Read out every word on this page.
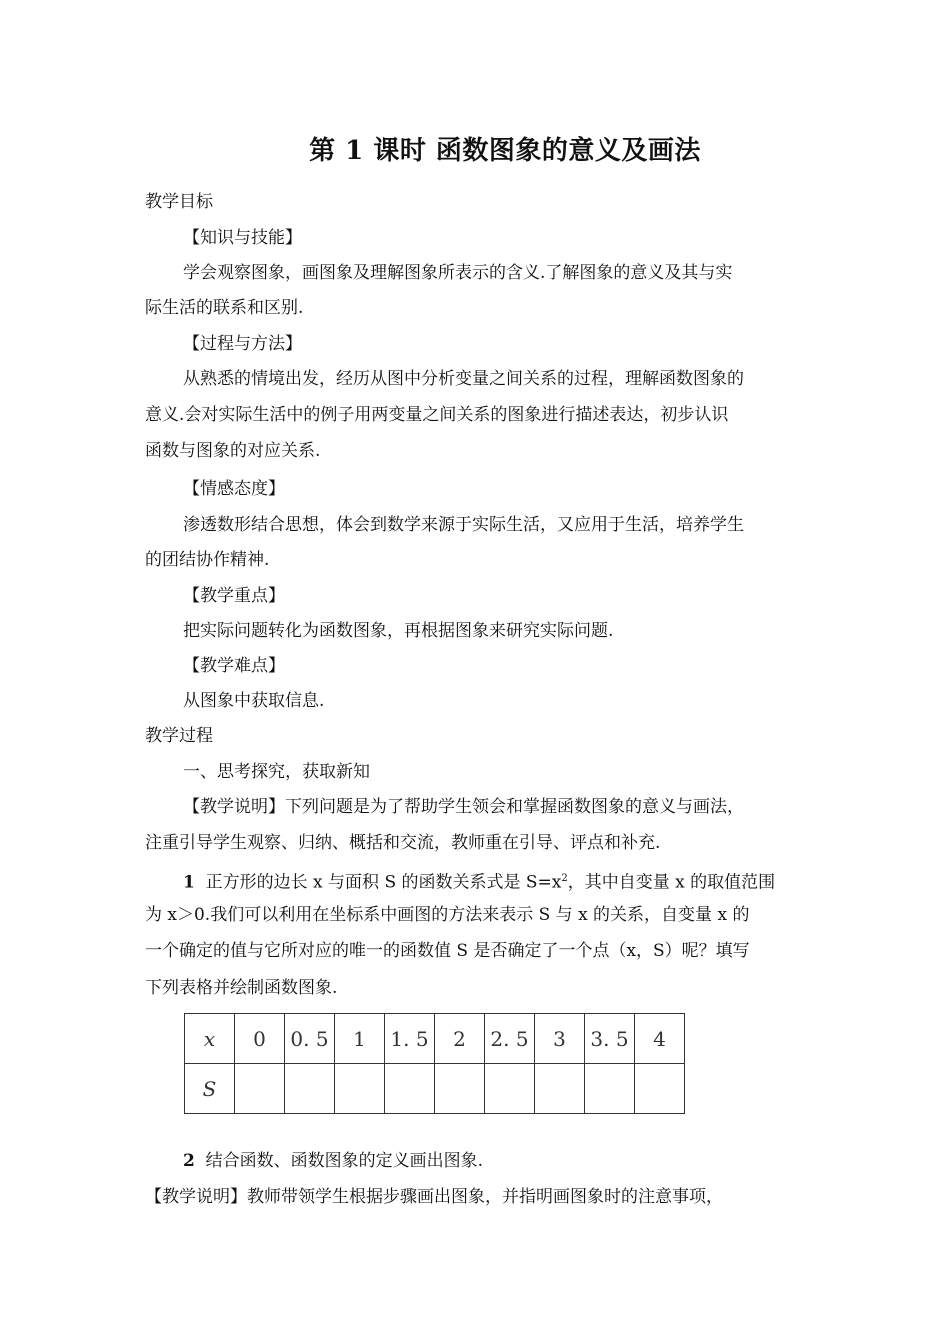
第 1 课时 函数图象的意义及画法
教学目标
【知识与技能】
学会观察图象，画图象及理解图象所表示的含义.了解图象的意义及其与实
际生活的联系和区别.
【过程与方法】
从熟悉的情境出发，经历从图中分析变量之间关系的过程，理解函数图象的
意义.会对实际生活中的例子用两变量之间关系的图象进行描述表达，初步认识
函数与图象的对应关系.
【情感态度】
渗透数形结合思想，体会到数学来源于实际生活，又应用于生活，培养学生
的团结协作精神.
【教学重点】
把实际问题转化为函数图象，再根据图象来研究实际问题.
【教学难点】
从图象中获取信息.
教学过程
一、思考探究，获取新知
【教学说明】下列问题是为了帮助学生领会和掌握函数图象的意义与画法，
注重引导学生观察、归纳、概括和交流，教师重在引导、评点和补充.
1 正方形的边长 x 与面积 S 的函数关系式是 $S=x^2$，其中自变量 x 的取值范围
为 x＞0.我们可以利用在坐标系中画图的方法来表示 S 与 x 的关系，自变量 x 的
一个确定的值与它所对应的唯一的函数值 S 是否确定了一个点（x，S）呢？填写
下列表格并绘制函数图象.
x	0	0. 5	1	1. 5	2	2. 5	3	3. 5	4
S									
2 结合函数、函数图象的定义画出图象.
【教学说明】教师带领学生根据步骤画出图象，并指明画图象时的注意事项，
